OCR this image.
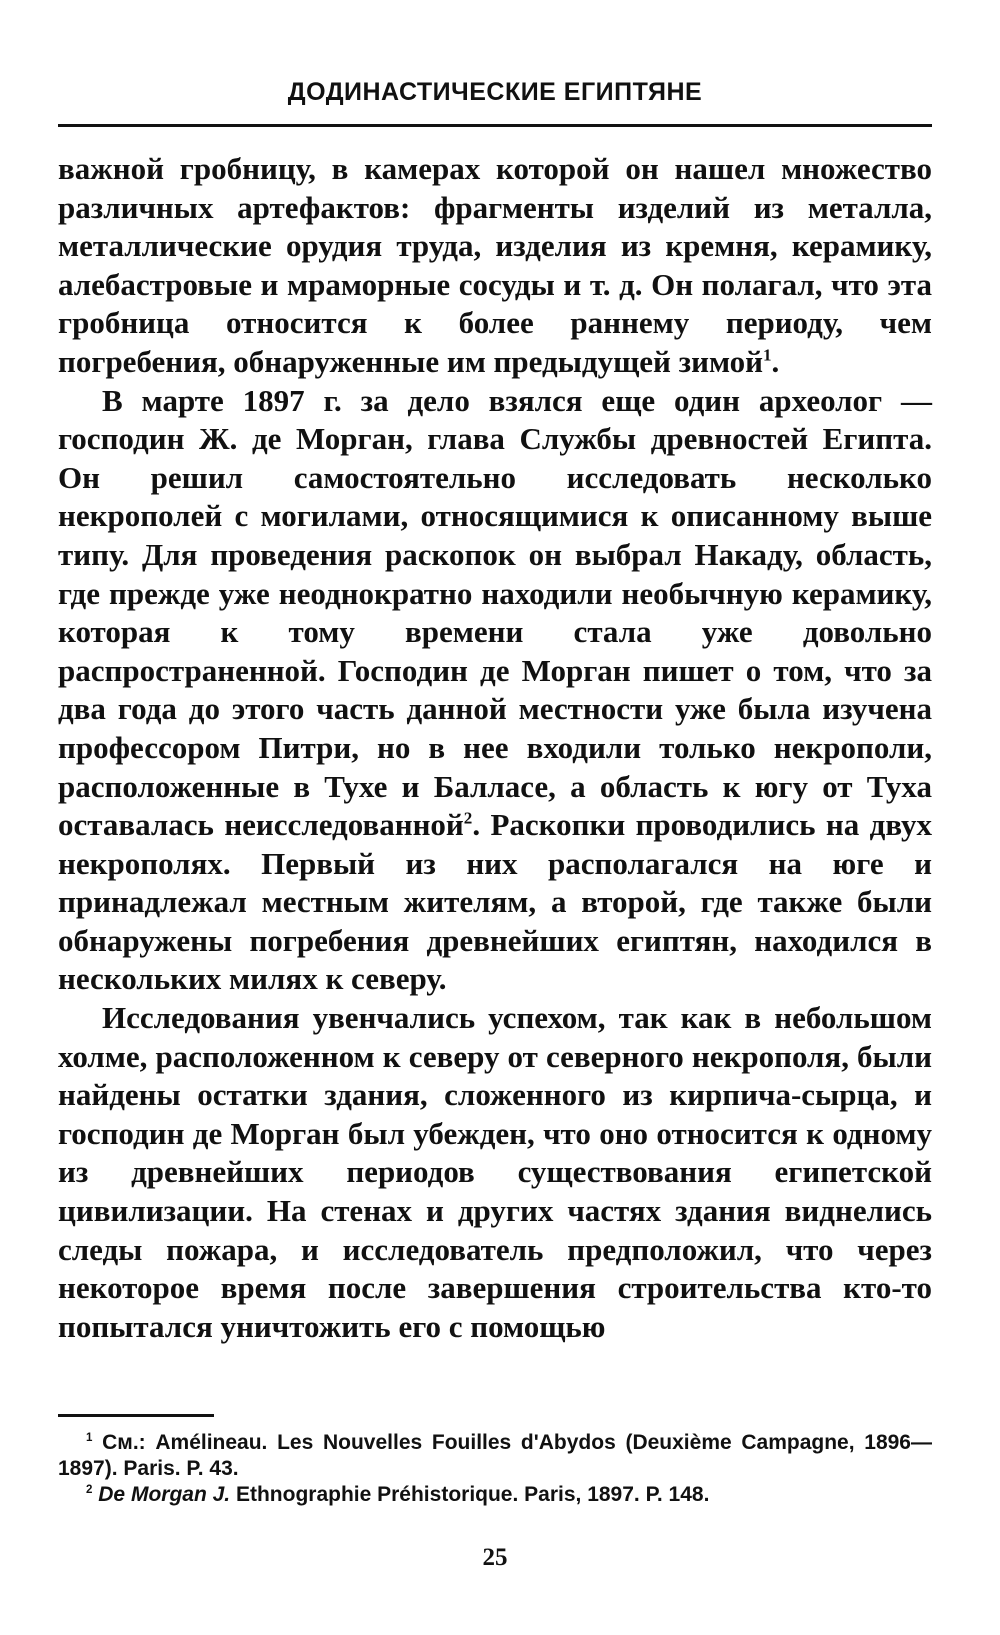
ДОДИНАСТИЧЕСКИЕ ЕГИПТЯНЕ

важной гробницу, в камерах которой он нашел множество различных артефактов: фрагменты изделий из металла, металлические орудия труда, изделия из кремня, керамику, алебастровые и мраморные сосуды и т. д. Он полагал, что эта гробница относится к более раннему периоду, чем погребения, обнаруженные им предыдущей зимой$^1$.

В марте 1897 г. за дело взялся еще один археолог — господин Ж. де Морган, глава Службы древностей Египта. Он решил самостоятельно исследовать несколько некрополей с могилами, относящимися к описанному выше типу. Для проведения раскопок он выбрал Накаду, область, где прежде уже неоднократно находили необычную керамику, которая к тому времени стала уже довольно распространенной. Господин де Морган пишет о том, что за два года до этого часть данной местности уже была изучена профессором Питри, но в нее входили только некрополи, расположенные в Тухе и Балласе, а область к югу от Туха оставалась неисследованной$^2$. Раскопки проводились на двух некрополях. Первый из них располагался на юге и принадлежал местным жителям, а второй, где также были обнаружены погребения древнейших египтян, находился в нескольких милях к северу.

Исследования увенчались успехом, так как в небольшом холме, расположенном к северу от северного некрополя, были найдены остатки здания, сложенного из кирпича-сырца, и господин де Морган был убежден, что оно относится к одному из древнейших периодов существования египетской цивилизации. На стенах и других частях здания виднелись следы пожара, и исследователь предположил, что через некоторое время после завершения строительства кто-то попытался уничтожить его с помощью

$^1$ См.: Amélineau. Les Nouvelles Fouilles d'Abydos (Deuxième Campagne, 1896—1897). Paris. P. 43.

$^2$ De Morgan J. Ethnographie Préhistorique. Paris, 1897. P. 148.

25
